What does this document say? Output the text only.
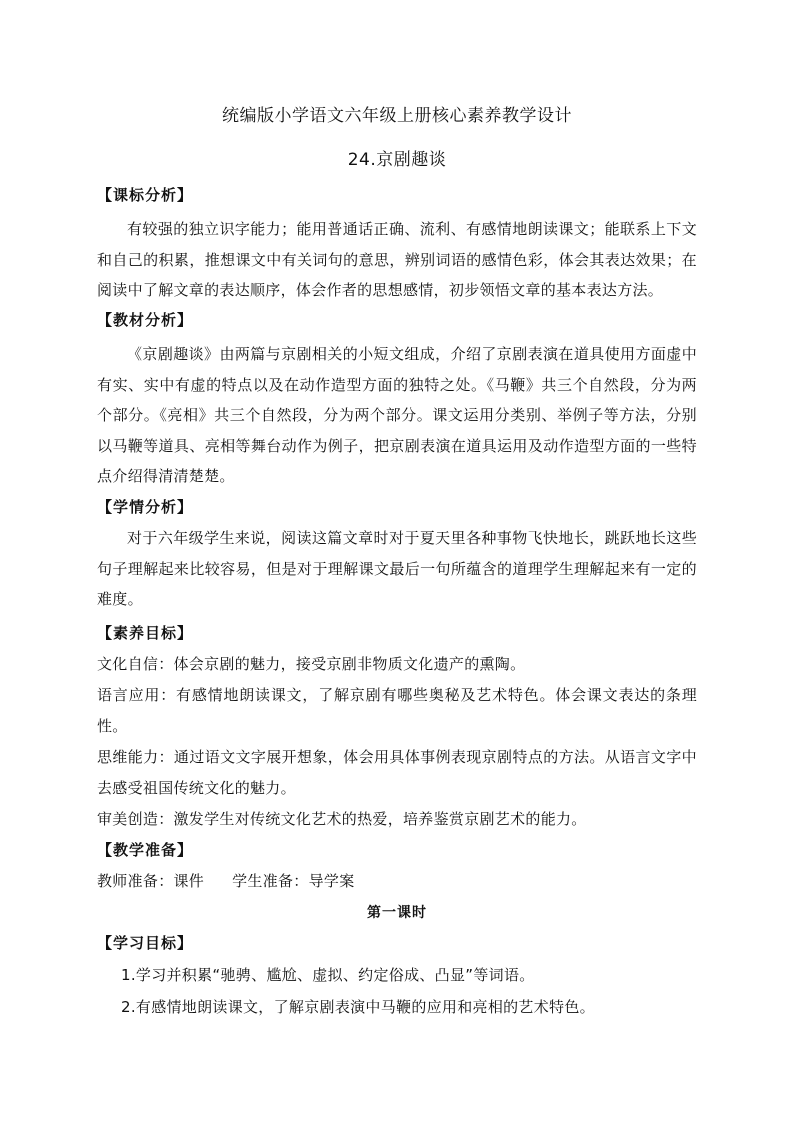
统编版小学语文六年级上册核心素养教学设计
24.京剧趣谈
【课标分析】
有较强的独立识字能力；能用普通话正确、流利、有感情地朗读课文；能联系上下文和自己的积累，推想课文中有关词句的意思，辨别词语的感情色彩，体会其表达效果；在阅读中了解文章的表达顺序，体会作者的思想感情，初步领悟文章的基本表达方法。
【教材分析】
《京剧趣谈》由两篇与京剧相关的小短文组成，介绍了京剧表演在道具使用方面虚中有实、实中有虚的特点以及在动作造型方面的独特之处。《马鞭》共三个自然段，分为两个部分。《亮相》共三个自然段，分为两个部分。课文运用分类别、举例子等方法，分别以马鞭等道具、亮相等舞台动作为例子，把京剧表演在道具运用及动作造型方面的一些特点介绍得清清楚楚。
【学情分析】
对于六年级学生来说，阅读这篇文章时对于夏天里各种事物飞快地长，跳跃地长这些句子理解起来比较容易，但是对于理解课文最后一句所蕴含的道理学生理解起来有一定的难度。
【素养目标】
文化自信：体会京剧的魅力，接受京剧非物质文化遗产的熏陶。
语言应用：有感情地朗读课文，了解京剧有哪些奥秘及艺术特色。体会课文表达的条理性。
思维能力：通过语文文字展开想象，体会用具体事例表现京剧特点的方法。从语言文字中去感受祖国传统文化的魅力。
审美创造：激发学生对传统文化艺术的热爱，培养鉴赏京剧艺术的能力。
【教学准备】
教师准备：课件 学生准备：导学案
第一课时
【学习目标】
1.学习并积累“驰骋、尴尬、虚拟、约定俗成、凸显”等词语。
2.有感情地朗读课文，了解京剧表演中马鞭的应用和亮相的艺术特色。
